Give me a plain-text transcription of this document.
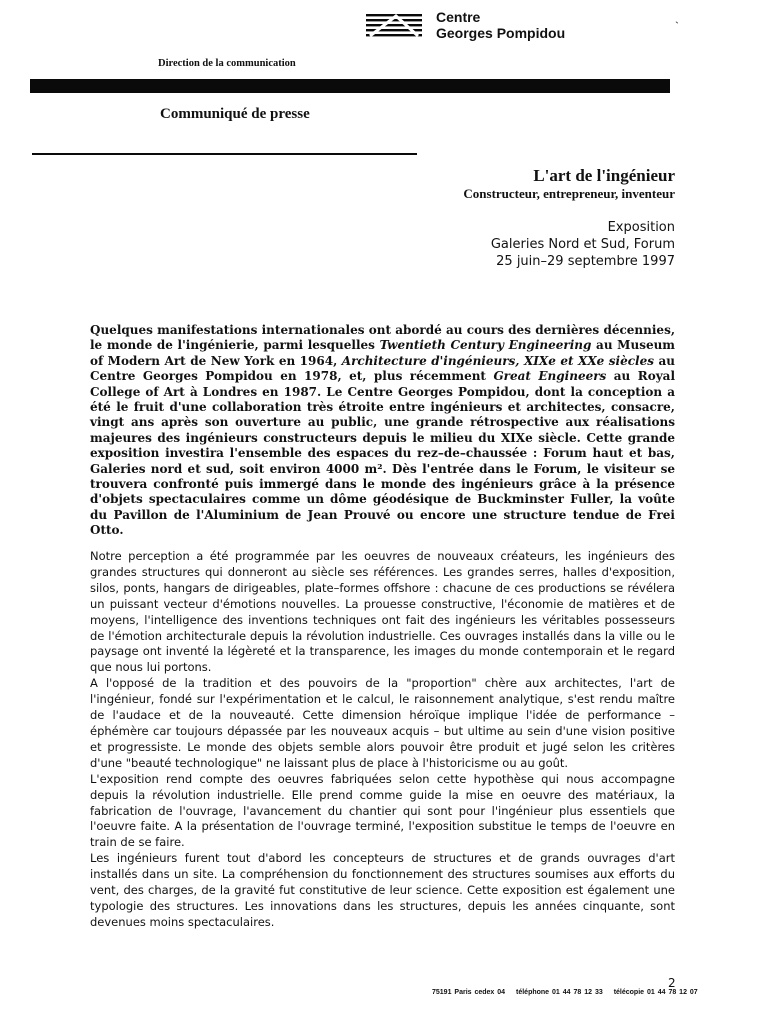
Centre
Georges Pompidou
ˎ
Direction de la communication
Communiqué de presse
L'art de l'ingénieur
Constructeur, entrepreneur, inventeur
Exposition
Galeries Nord et Sud, Forum
25 juin–29 septembre 1997
Quelques manifestations internationales ont abordé au cours des dernières décennies, le monde de l'ingénierie, parmi lesquelles Twentieth Century Engineering au Museum of Modern Art de New York en 1964, Architecture d'ingénieurs, XIXe et XXe siècles au Centre Georges Pompidou en 1978, et, plus récemment Great Engineers au Royal College of Art à Londres en 1987. Le Centre Georges Pompidou, dont la conception a été le fruit d'une collaboration très étroite entre ingénieurs et architectes, consacre, vingt ans après son ouverture au public, une grande rétrospective aux réalisations majeures des ingénieurs constructeurs depuis le milieu du XIXe siècle. Cette grande exposition investira l'ensemble des espaces du rez–de–chaussée : Forum haut et bas, Galeries nord et sud, soit environ 4000 m². Dès l'entrée dans le Forum, le visiteur se trouvera confronté puis immergé dans le monde des ingénieurs grâce à la présence d'objets spectaculaires comme un dôme géodésique de Buckminster Fuller, la voûte du Pavillon de l'Aluminium de Jean Prouvé ou encore une structure tendue de Frei Otto.

Notre perception a été programmée par les oeuvres de nouveaux créateurs, les ingénieurs des grandes structures qui donneront au siècle ses références. Les grandes serres, halles d'exposition, silos, ponts, hangars de dirigeables, plate–formes offshore : chacune de ces productions se révélera un puissant vecteur d'émotions nouvelles. La prouesse constructive, l'économie de matières et de moyens, l'intelligence des inventions techniques ont fait des ingénieurs les véritables possesseurs de l'émotion architecturale depuis la révolution industrielle. Ces ouvrages installés dans la ville ou le paysage ont inventé la légèreté et la transparence, les images du monde contemporain et le regard que nous lui portons.

A l'opposé de la tradition et des pouvoirs de la "proportion" chère aux architectes, l'art de l'ingénieur, fondé sur l'expérimentation et le calcul, le raisonnement analytique, s'est rendu maître de l'audace et de la nouveauté. Cette dimension héroïque implique l'idée de performance – éphémère car toujours dépassée par les nouveaux acquis – but ultime au sein d'une vision positive et progressiste. Le monde des objets semble alors pouvoir être produit et jugé selon les critères d'une "beauté technologique" ne laissant plus de place à l'historicisme ou au goût.

L'exposition rend compte des oeuvres fabriquées selon cette hypothèse qui nous accompagne depuis la révolution industrielle. Elle prend comme guide la mise en oeuvre des matériaux, la fabrication de l'ouvrage, l'avancement du chantier qui sont pour l'ingénieur plus essentiels que l'oeuvre faite. A la présentation de l'ouvrage terminé, l'exposition substitue le temps de l'oeuvre en train de se faire.

Les ingénieurs furent tout d'abord les concepteurs de structures et de grands ouvrages d'art installés dans un site. La compréhension du fonctionnement des structures soumises aux efforts du vent, des charges, de la gravité fut constitutive de leur science. Cette exposition est également une typologie des structures. Les innovations dans les structures, depuis les années cinquante, sont devenues moins spectaculaires.

2
75191 Paris cedex 04 téléphone 01 44 78 12 33 télécopie 01 44 78 12 07
